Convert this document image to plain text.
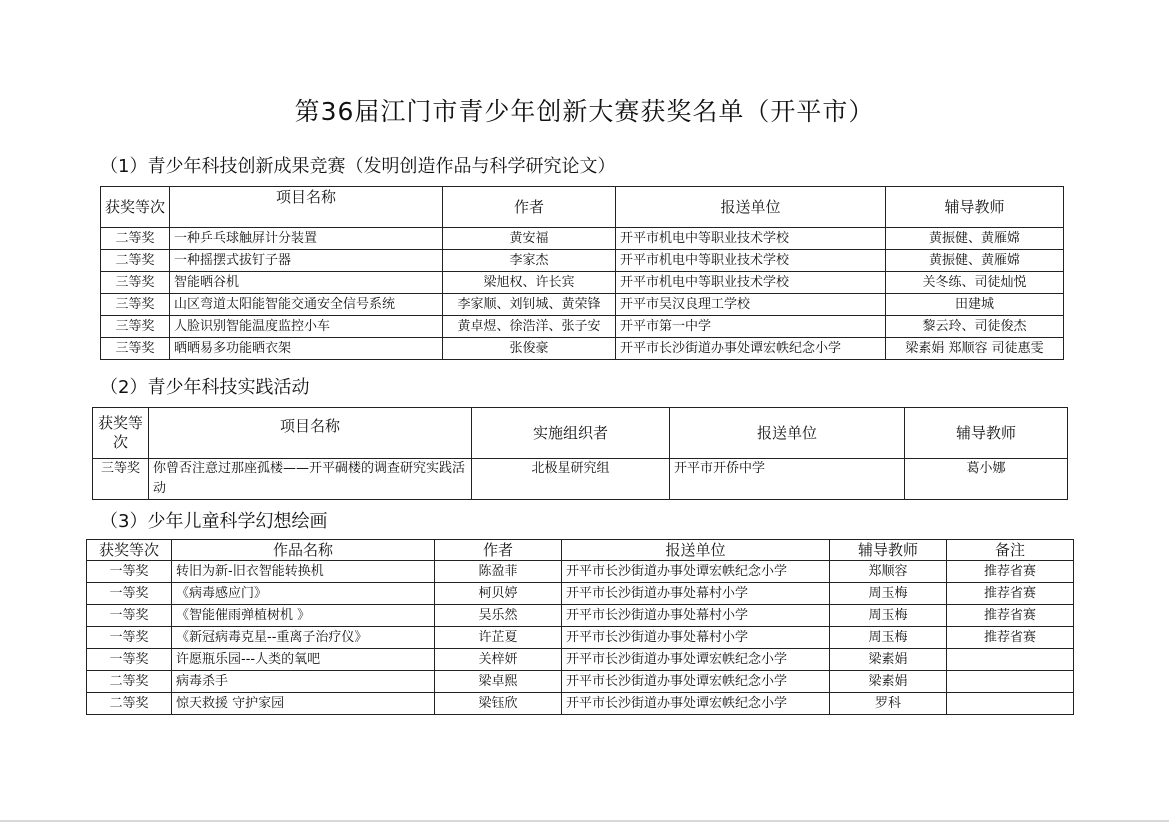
第36届江门市青少年创新大赛获奖名单（开平市）
（1）青少年科技创新成果竞赛（发明创造作品与科学研究论文）
获奖等次	项目名称	作者	报送单位	辅导教师
二等奖	一种乒乓球触屏计分装置	黄安福	开平市机电中等职业技术学校	黄振健、黄雁嫦
二等奖	一种摇摆式拔钉子器	李家杰	开平市机电中等职业技术学校	黄振健、黄雁嫦
三等奖	智能晒谷机	梁旭权、许长宾	开平市机电中等职业技术学校	关冬练、司徒灿悦
三等奖	山区弯道太阳能智能交通安全信号系统	李家顺、刘钊城、黄荣锋	开平市吴汉良理工学校	田建城
三等奖	人脸识别智能温度监控小车	黄卓煜、徐浩洋、张子安	开平市第一中学	黎云玲、司徒俊杰
三等奖	晒晒易多功能晒衣架	张俊豪	开平市长沙街道办事处谭宏帙纪念小学	梁素娟 郑顺容 司徒惠雯
（2）青少年科技实践活动
获奖等次	项目名称	实施组织者	报送单位	辅导教师
三等奖	你曾否注意过那座孤楼——开平碉楼的调查研究实践活动	北极星研究组	开平市开侨中学	葛小娜
（3）少年儿童科学幻想绘画
获奖等次	作品名称	作者	报送单位	辅导教师	备注
一等奖	转旧为新-旧衣智能转换机	陈盈菲	开平市长沙街道办事处谭宏帙纪念小学	郑顺容	推荐省赛
一等奖	《病毒感应门》	柯贝婷	开平市长沙街道办事处幕村小学	周玉梅	推荐省赛
一等奖	《智能催雨弹植树机 》	吴乐然	开平市长沙街道办事处幕村小学	周玉梅	推荐省赛
一等奖	《新冠病毒克星--重离子治疗仪》	许芷夏	开平市长沙街道办事处幕村小学	周玉梅	推荐省赛
一等奖	许愿瓶乐园---人类的氧吧	关梓妍	开平市长沙街道办事处谭宏帙纪念小学	梁素娟	
二等奖	病毒杀手	梁卓熙	开平市长沙街道办事处谭宏帙纪念小学	梁素娟	
二等奖	惊天救援 守护家园	梁钰欣	开平市长沙街道办事处谭宏帙纪念小学	罗科	
